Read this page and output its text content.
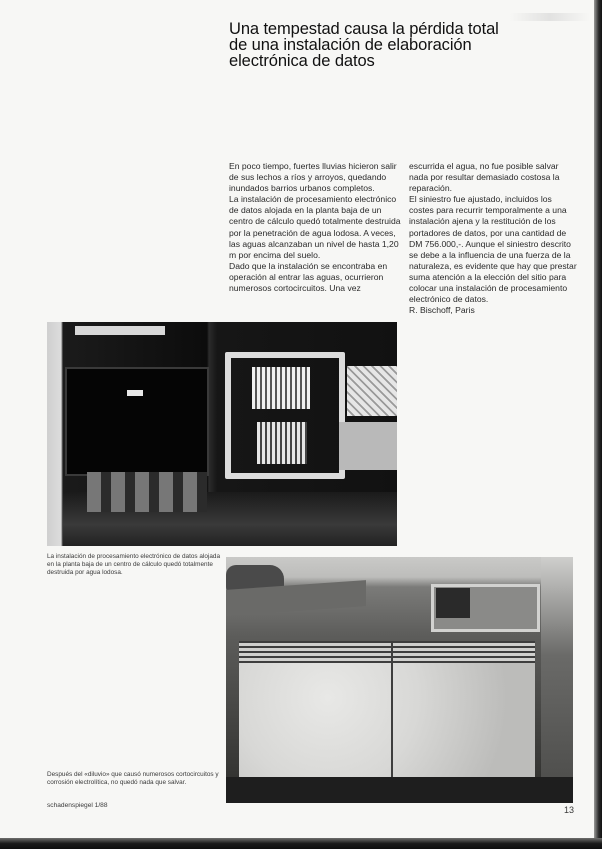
Una tempestad causa la pérdida total
de una instalación de elaboración
electrónica de datos

En poco tiempo, fuertes lluvias hicieron salir de sus lechos a ríos y arroyos, quedando inundados barrios urbanos completos.

La instalación de procesamiento electrónico de datos alojada en la planta baja de un centro de cálculo quedó totalmente destruida por la penetración de agua lodosa. A veces, las aguas alcanzaban un nivel de hasta 1,20 m por encima del suelo.

Dado que la instalación se encontraba en operación al entrar las aguas, ocurrieron numerosos cortocircuitos. Una vez

escurrida el agua, no fue posible salvar nada por resultar demasiado costosa la reparación.

El siniestro fue ajustado, incluidos los costes para recurrir temporalmente a una instalación ajena y la restitución de los portadores de datos, por una cantidad de DM 756.000,-. Aunque el siniestro descrito se debe a la influencia de una fuerza de la naturaleza, es evidente que hay que prestar suma atención a la elección del sitio para colocar una instalación de procesamiento electrónico de datos.

R. Bischoff, Paris

La instalación de procesamiento electrónico de datos alojada en la planta baja de un centro de cálculo quedó totalmente destruida por agua lodosa.
Después del «diluvio» que causó numerosos cortocircuitos y corrosión electrolítica, no quedó nada que salvar.
schadenspiegel 1/88	13
